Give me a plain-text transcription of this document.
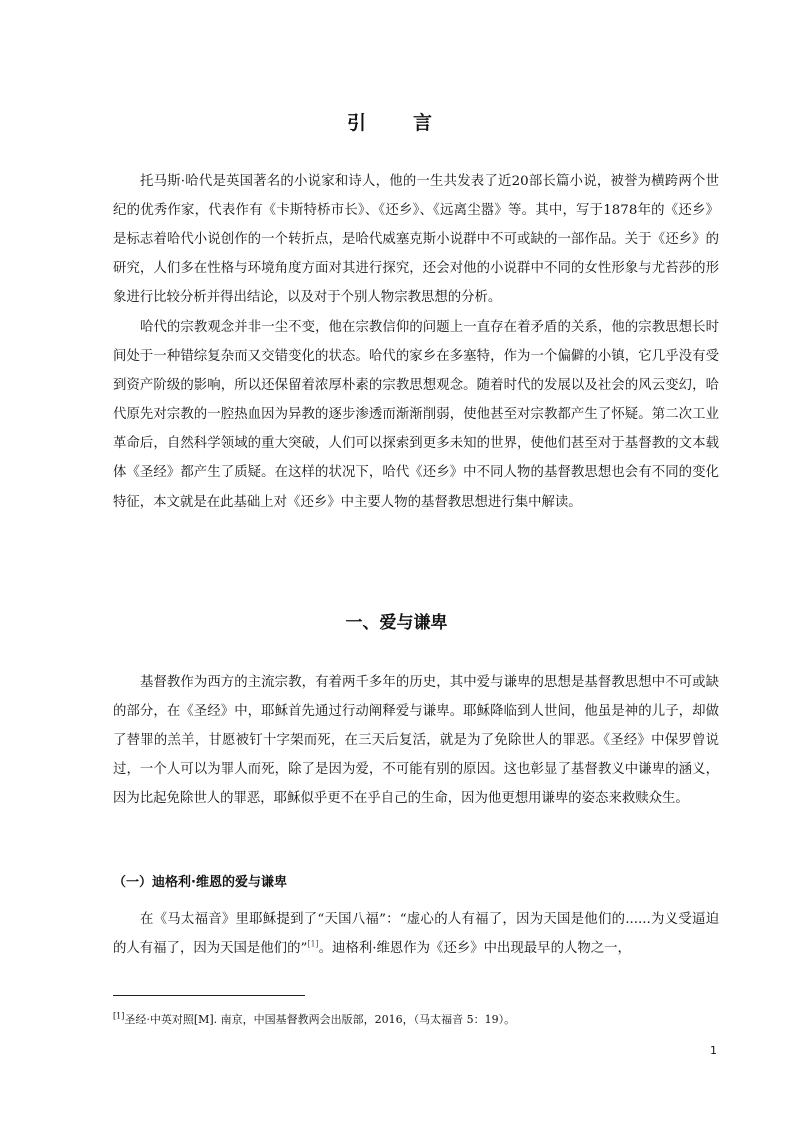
引　言

托马斯·哈代是英国著名的小说家和诗人，他的一生共发表了近20部长篇小说，被誉为横跨两个世纪的优秀作家，代表作有《卡斯特桥市长》、《还乡》、《远离尘嚣》等。其中，写于1878年的《还乡》是标志着哈代小说创作的一个转折点，是哈代威塞克斯小说群中不可或缺的一部作品。关于《还乡》的研究，人们多在性格与环境角度方面对其进行探究，还会对他的小说群中不同的女性形象与尤苔莎的形象进行比较分析并得出结论，以及对于个别人物宗教思想的分析。

哈代的宗教观念并非一尘不变，他在宗教信仰的问题上一直存在着矛盾的关系，他的宗教思想长时间处于一种错综复杂而又交错变化的状态。哈代的家乡在多塞特，作为一个偏僻的小镇，它几乎没有受到资产阶级的影响，所以还保留着浓厚朴素的宗教思想观念。随着时代的发展以及社会的风云变幻，哈代原先对宗教的一腔热血因为异教的逐步渗透而渐渐削弱，使他甚至对宗教都产生了怀疑。第二次工业革命后，自然科学领域的重大突破，人们可以探索到更多未知的世界，使他们甚至对于基督教的文本载体《圣经》都产生了质疑。在这样的状况下，哈代《还乡》中不同人物的基督教思想也会有不同的变化特征，本文就是在此基础上对《还乡》中主要人物的基督教思想进行集中解读。

一、爱与谦卑

基督教作为西方的主流宗教，有着两千多年的历史，其中爱与谦卑的思想是基督教思想中不可或缺的部分，在《圣经》中，耶稣首先通过行动阐释爱与谦卑。耶稣降临到人世间，他虽是神的儿子，却做了替罪的羔羊，甘愿被钉十字架而死，在三天后复活，就是为了免除世人的罪恶。《圣经》中保罗曾说过，一个人可以为罪人而死，除了是因为爱，不可能有别的原因。这也彰显了基督教义中谦卑的涵义，因为比起免除世人的罪恶，耶稣似乎更不在乎自己的生命，因为他更想用谦卑的姿态来救赎众生。

（一）迪格利·维恩的爱与谦卑

在《马太福音》里耶稣提到了“天国八福”：“虚心的人有福了，因为天国是他们的......为义受逼迫的人有福了，因为天国是他们的”[1]。迪格利·维恩作为《还乡》中出现最早的人物之一，

[1]圣经·中英对照[M]. 南京，中国基督教两会出版部，2016，（马太福音 5：19）。
1
